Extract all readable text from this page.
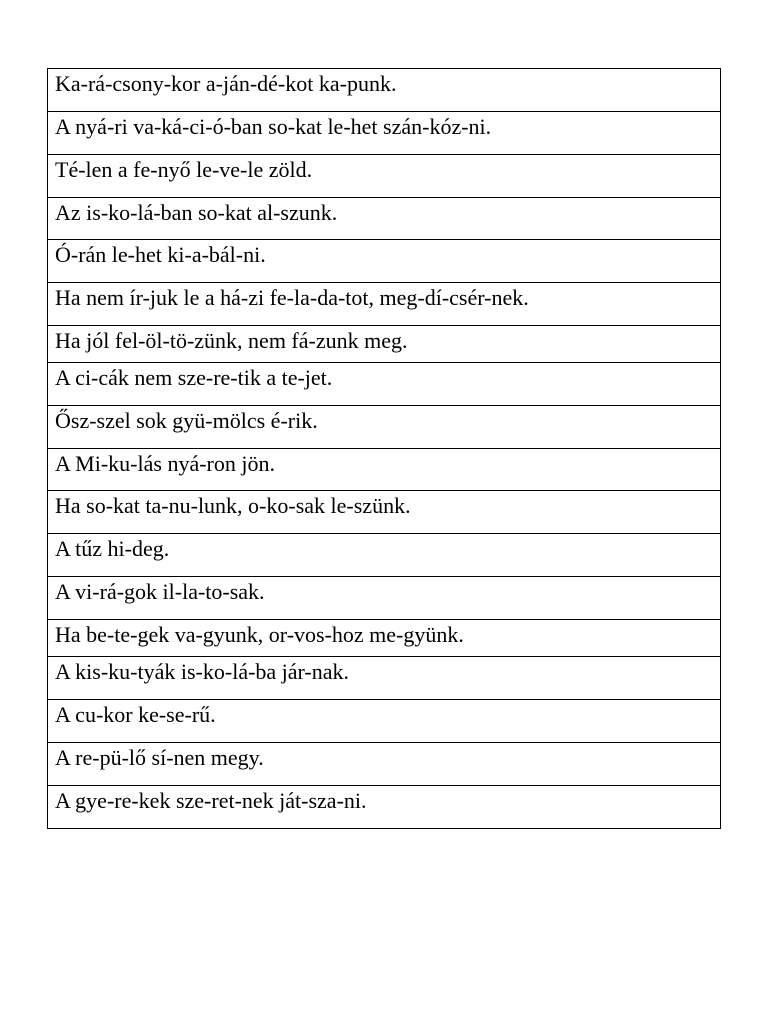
Ka-rá-csony-kor a-ján-dé-kot ka-punk.
A nyá-ri va-ká-ci-ó-ban so-kat le-het szán-kóz-ni.
Té-len a fe-nyő le-ve-le zöld.
Az is-ko-lá-ban so-kat al-szunk.
Ó-rán le-het ki-a-bál-ni.
Ha nem ír-juk le a há-zi fe-la-da-tot, meg-dí-csér-nek.
Ha jól fel-öl-tö-zünk, nem fá-zunk meg.
A ci-cák nem sze-re-tik a te-jet.
Ősz-szel sok gyü-mölcs é-rik.
A Mi-ku-lás nyá-ron jön.
Ha so-kat ta-nu-lunk, o-ko-sak le-szünk.
A tűz hi-deg.
A vi-rá-gok il-la-to-sak.
Ha be-te-gek va-gyunk, or-vos-hoz me-gyünk.
A kis-ku-tyák is-ko-lá-ba jár-nak.
A cu-kor ke-se-rű.
A re-pü-lő sí-nen megy.
A gye-re-kek sze-ret-nek ját-sza-ni.
